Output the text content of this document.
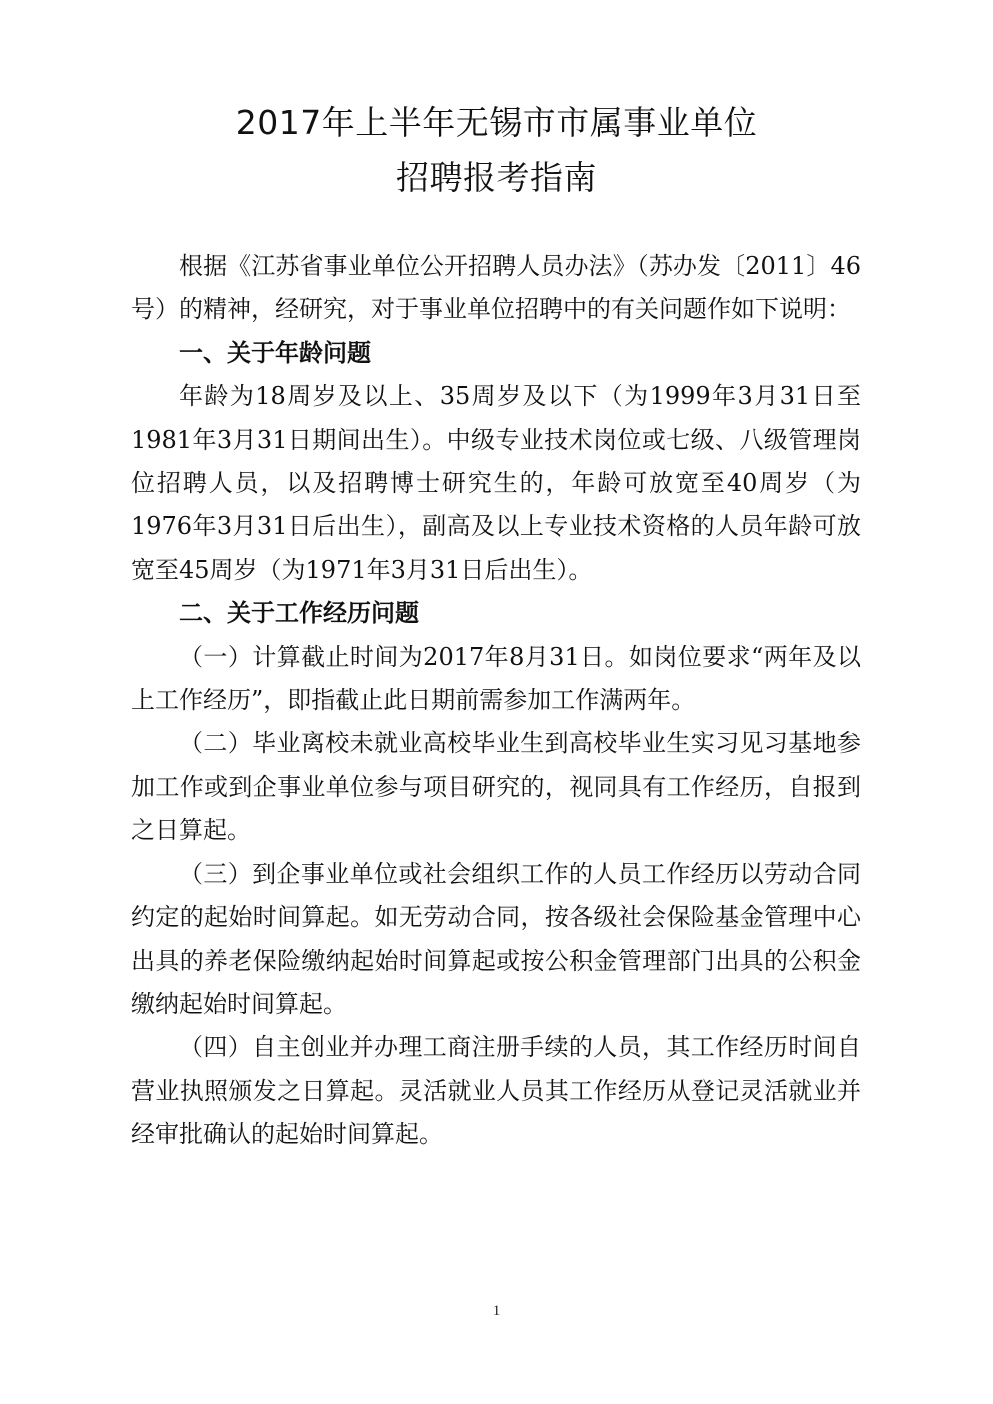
2017年上半年无锡市市属事业单位
招聘报考指南

根据《江苏省事业单位公开招聘人员办法》（苏办发〔2011〕46号）的精神，经研究，对于事业单位招聘中的有关问题作如下说明：

一、关于年龄问题

年龄为18周岁及以上、35周岁及以下（为1999年3月31日至1981年3月31日期间出生）。中级专业技术岗位或七级、八级管理岗位招聘人员，以及招聘博士研究生的，年龄可放宽至40周岁（为1976年3月31日后出生），副高及以上专业技术资格的人员年龄可放宽至45周岁（为1971年3月31日后出生）。

二、关于工作经历问题

（一）计算截止时间为2017年8月31日。如岗位要求“两年及以上工作经历”，即指截止此日期前需参加工作满两年。

（二）毕业离校未就业高校毕业生到高校毕业生实习见习基地参加工作或到企事业单位参与项目研究的，视同具有工作经历，自报到之日算起。

（三）到企事业单位或社会组织工作的人员工作经历以劳动合同约定的起始时间算起。如无劳动合同，按各级社会保险基金管理中心出具的养老保险缴纳起始时间算起或按公积金管理部门出具的公积金缴纳起始时间算起。

（四）自主创业并办理工商注册手续的人员，其工作经历时间自营业执照颁发之日算起。灵活就业人员其工作经历从登记灵活就业并经审批确认的起始时间算起。

1
